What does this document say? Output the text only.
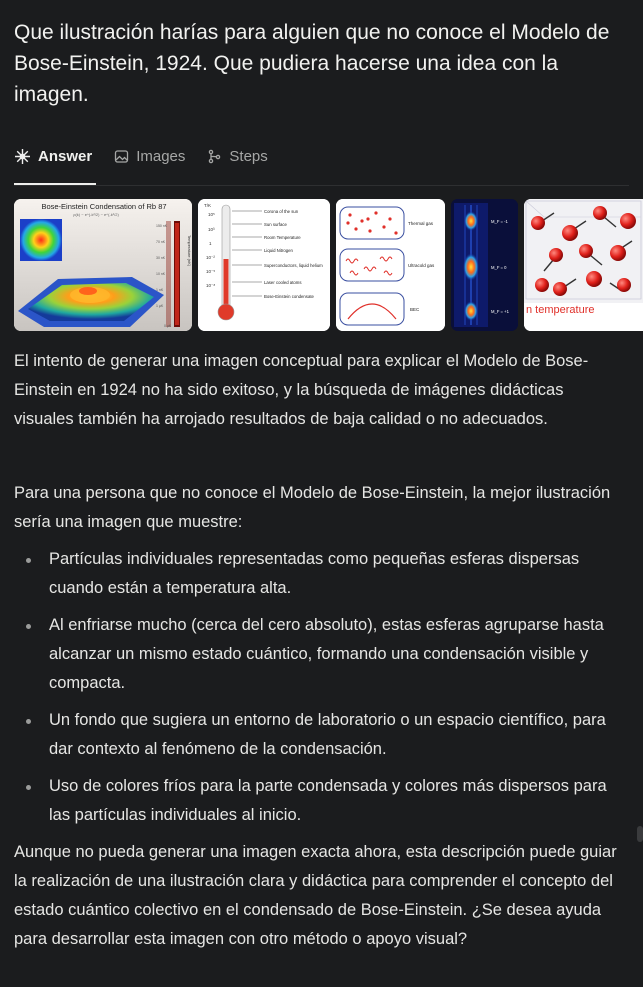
Que ilustración harías para alguien que no conoce el Modelo de Bose-Einstein, 1924. Que pudiera hacerse una idea con la imagen.
Answer	Images	Steps
Bose-Einstein Condensation of Rb 87
ρ(k) ~ e^(-k²/2) ~ e^(-k²/2)
Temperature (nK)
150 nK
70 nK
30 nK
10 nK
1 nK
1 µK
0 µK
T/K
10⁵
10³
1
10⁻²
10⁻⁵
10⁻⁸
Corona of the sun
Sun surface
Room Temperature
Liquid Nitrogen
Superconductors, liquid helium
Laser cooled atoms
Bose-Einstein condensate
Thermal gas
Ultracold gas
BEC
M_F = -1
M_F = 0
M_F = +1 n temperature

El intento de generar una imagen conceptual para explicar el Modelo de Bose-Einstein en 1924 no ha sido exitoso, y la búsqueda de imágenes didácticas visuales también ha arrojado resultados de baja calidad o no adecuados.

Para una persona que no conoce el Modelo de Bose-Einstein, la mejor ilustración sería una imagen que muestre:

Partículas individuales representadas como pequeñas esferas dispersas cuando están a temperatura alta.
Al enfriarse mucho (cerca del cero absoluto), estas esferas agruparse hasta alcanzar un mismo estado cuántico, formando una condensación visible y compacta.
Un fondo que sugiera un entorno de laboratorio o un espacio científico, para dar contexto al fenómeno de la condensación.
Uso de colores fríos para la parte condensada y colores más dispersos para las partículas individuales al inicio.

Aunque no pueda generar una imagen exacta ahora, esta descripción puede guiar la realización de una ilustración clara y didáctica para comprender el concepto del estado cuántico colectivo en el condensado de Bose-Einstein. ¿Se desea ayuda para desarrollar esta imagen con otro método o apoyo visual?
